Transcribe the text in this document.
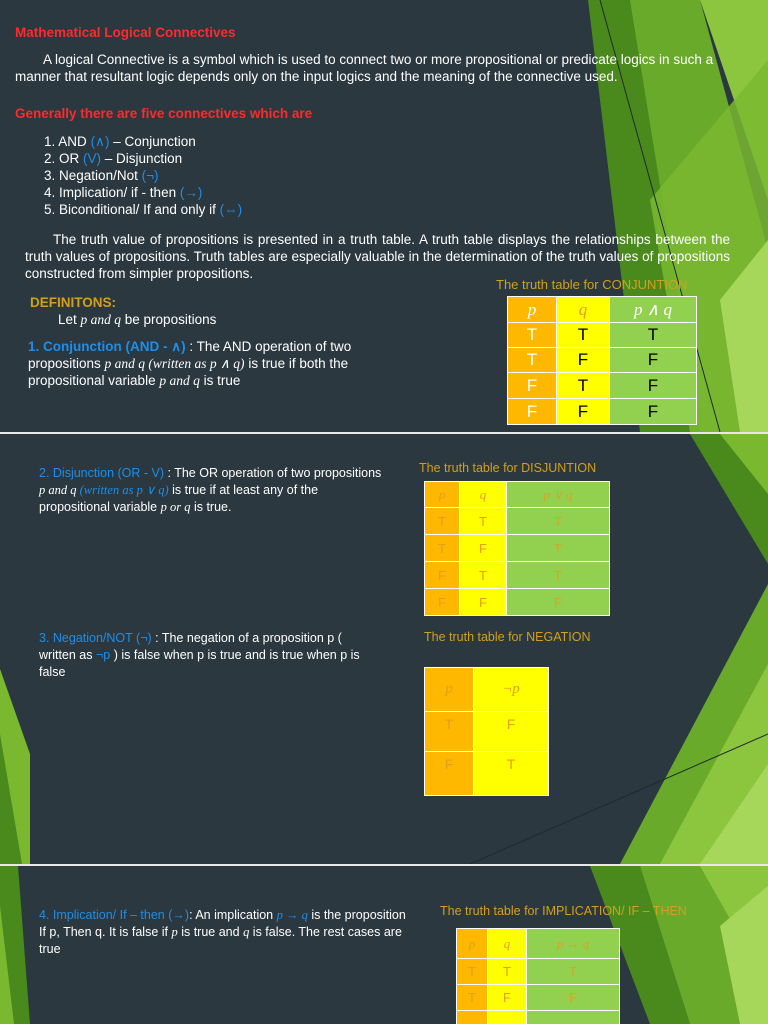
Mathematical Logical Connectives

A logical Connective is a symbol which is used to connect two or more propositional or predicate logics in such a manner that resultant logic depends only on the input logics and the meaning of the connective used.

Generally there are five connectives which are

1. AND (∧) – Conjunction
2. OR (V) – Disjunction
3. Negation/Not (¬)
4. Implication/ if - then (→)
5. Biconditional/ If and only if (⇔)

The truth value of propositions is presented in a truth table. A truth table displays the relationships between the truth values of propositions. Truth tables are especially valuable in the determination of the truth values of propositions constructed from simpler propositions.

The truth table for CONJUNTION

DEFINITONS:

Let p and q be propositions

1. Conjunction (AND - ∧) : The AND operation of two propositions p and q (written as p ∧ q) is true if both the propositional variable p and q is true

p	q	p ∧ q
T	T	T
T	F	F
F	T	F
F	F	F

2. Disjunction (OR - V) : The OR operation of two propositions p and q (written as p ∨ q) is true if at least any of the propositional variable p or q is true.

The truth table for DISJUNTION

p	q	p ∨ q
T	T	T
T	F	T
F	T	T
F	F	F

3. Negation/NOT (¬) : The negation of a proposition p ( written as ¬p ) is false when p is true and is true when p is false

The truth table for NEGATION

p	¬p
T	F
F	T

4. Implication/ If – then (→): An implication p → q is the proposition If p, Then q. It is false if p is true and q is false. The rest cases are true

The truth table for IMPLICATION/ IF – THEN

p	q	p → q
T	T	T
T	F	F
